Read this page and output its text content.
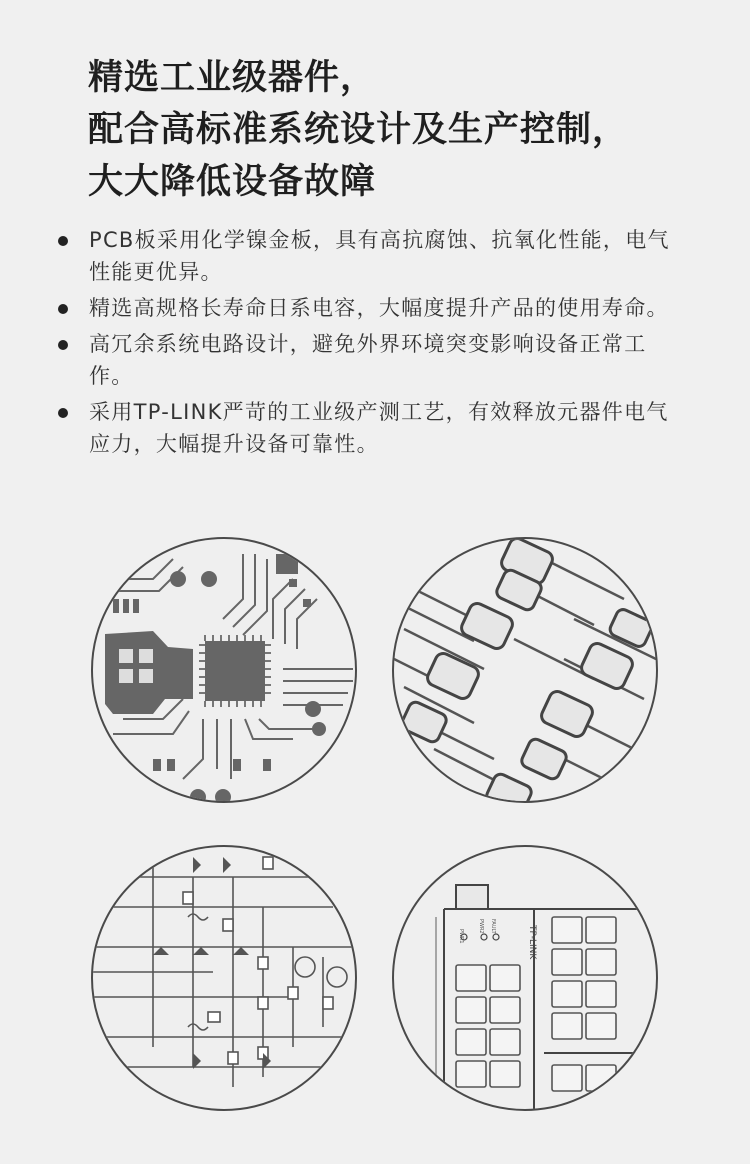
精选工业级器件，
配合高标准系统设计及生产控制，
大大降低设备故障
PCB板采用化学镍金板，具有高抗腐蚀、抗氧化性能，电气性能更优异。
精选高规格长寿命日系电容，大幅度提升产品的使用寿命。
高冗余系统电路设计，避免外界环境突变影响设备正常工作。
采用TP-LINK严苛的工业级产测工艺，有效释放元器件电气应力，大幅提升设备可靠性。
TP-LINK
PWR1
PWR2 FAULT
